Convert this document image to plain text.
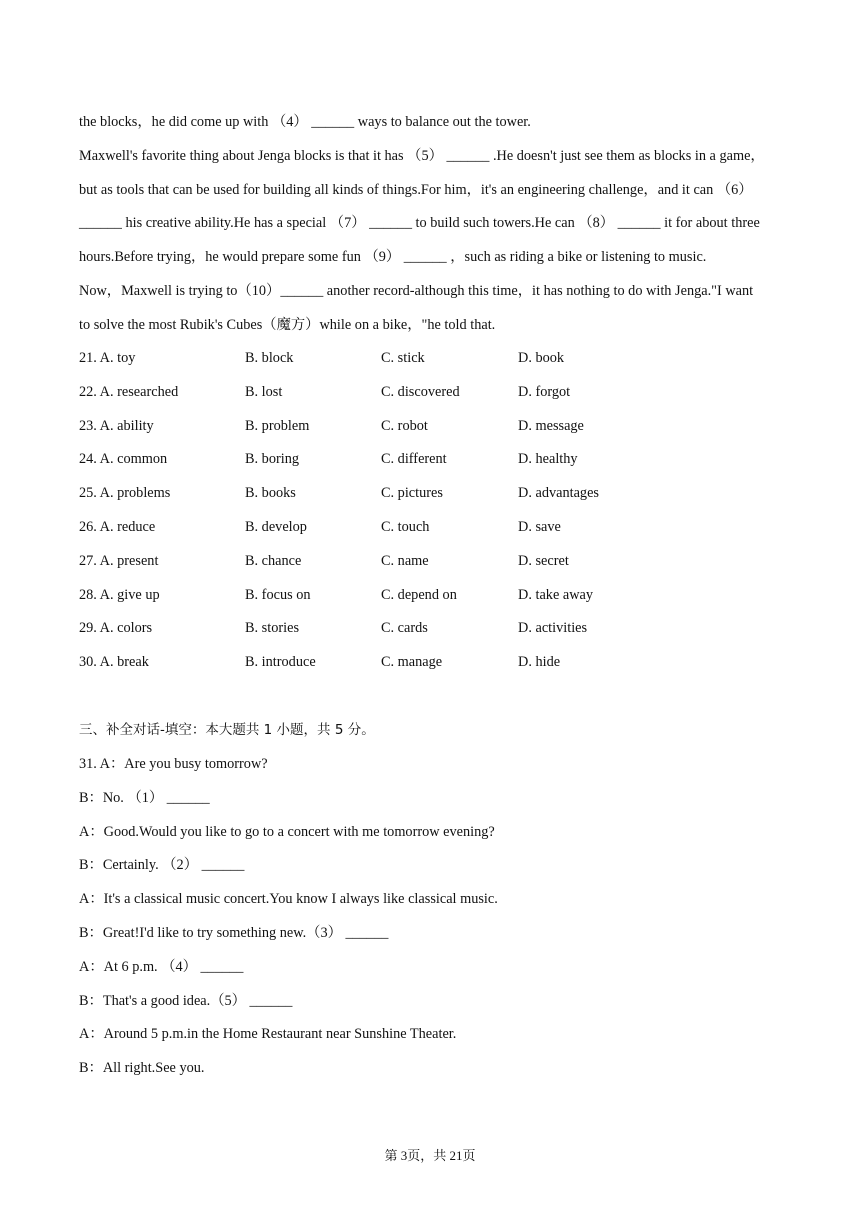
the blocks，he did come up with （4） ______ ways to balance out the tower.
Maxwell's favorite thing about Jenga blocks is that it has （5） ______ .He doesn't just see them as blocks in a game，
but as tools that can be used for building all kinds of things.For him，it's an engineering challenge，and it can （6）
______ his creative ability.He has a special （7） ______ to build such towers.He can （8） ______ it for about three
hours.Before trying，he would prepare some fun （9） ______ ，such as riding a bike or listening to music.
Now，Maxwell is trying to（10）______ another record-although this time，it has nothing to do with Jenga."I want
to solve the most Rubik's Cubes（魔方）while on a bike，"he told that.
21. A. toy	B. block	C. stick	D. book
22. A. researched	B. lost	C. discovered	D. forgot
23. A. ability	B. problem	C. robot	D. message
24. A. common	B. boring	C. different	D. healthy
25. A. problems	B. books	C. pictures	D. advantages
26. A. reduce	B. develop	C. touch	D. save
27. A. present	B. chance	C. name	D. secret
28. A. give up	B. focus on	C. depend on	D. take away
29. A. colors	B. stories	C. cards	D. activities
30. A. break	B. introduce	C. manage	D. hide
三、补全对话-填空：本大题共 1 小题，共 5 分。
31. A：Are you busy tomorrow?
B：No. （1） ______
A：Good.Would you like to go to a concert with me tomorrow evening?
B：Certainly. （2） ______
A：It's a classical music concert.You know I always like classical music.
B：Great!I'd like to try something new.（3） ______
A：At 6 p.m. （4） ______
B：That's a good idea.（5） ______
A：Around 5 p.m.in the Home Restaurant near Sunshine Theater.
B：All right.See you.
第 3页，共 21页
